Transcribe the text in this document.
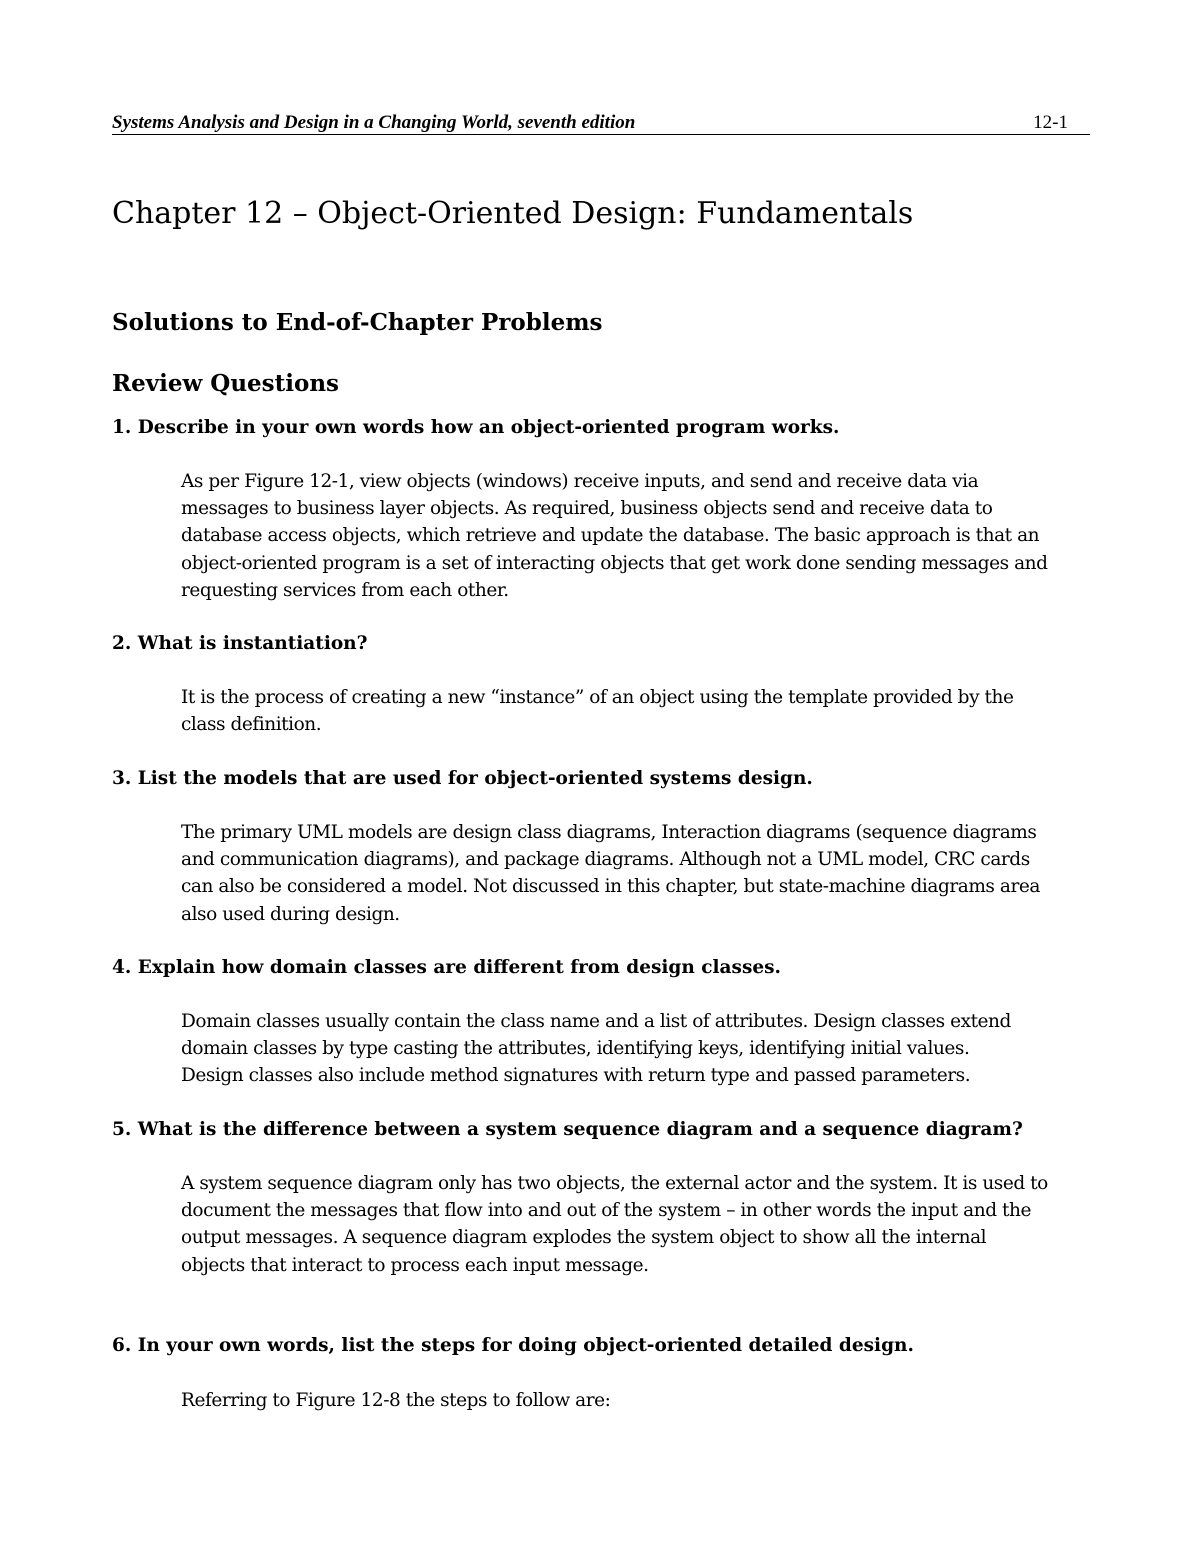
Systems Analysis and Design in a Changing World, seventh edition	12-1
Chapter 12 – Object-Oriented Design: Fundamentals
Solutions to End-of-Chapter Problems
Review Questions

1. Describe in your own words how an object-oriented program works.

As per Figure 12-1, view objects (windows) receive inputs, and send and receive data via
messages to business layer objects. As required, business objects send and receive data to
database access objects, which retrieve and update the database. The basic approach is that an
object-oriented program is a set of interacting objects that get work done sending messages and
requesting services from each other.

2. What is instantiation?

It is the process of creating a new “instance” of an object using the template provided by the
class definition.

3. List the models that are used for object-oriented systems design.

The primary UML models are design class diagrams, Interaction diagrams (sequence diagrams
and communication diagrams), and package diagrams. Although not a UML model, CRC cards
can also be considered a model. Not discussed in this chapter, but state-machine diagrams area
also used during design.

4. Explain how domain classes are different from design classes.

Domain classes usually contain the class name and a list of attributes. Design classes extend
domain classes by type casting the attributes, identifying keys, identifying initial values.
Design classes also include method signatures with return type and passed parameters.

5. What is the difference between a system sequence diagram and a sequence diagram?

A system sequence diagram only has two objects, the external actor and the system. It is used to
document the messages that flow into and out of the system – in other words the input and the
output messages. A sequence diagram explodes the system object to show all the internal
objects that interact to process each input message.

6. In your own words, list the steps for doing object-oriented detailed design.

Referring to Figure 12-8 the steps to follow are:
